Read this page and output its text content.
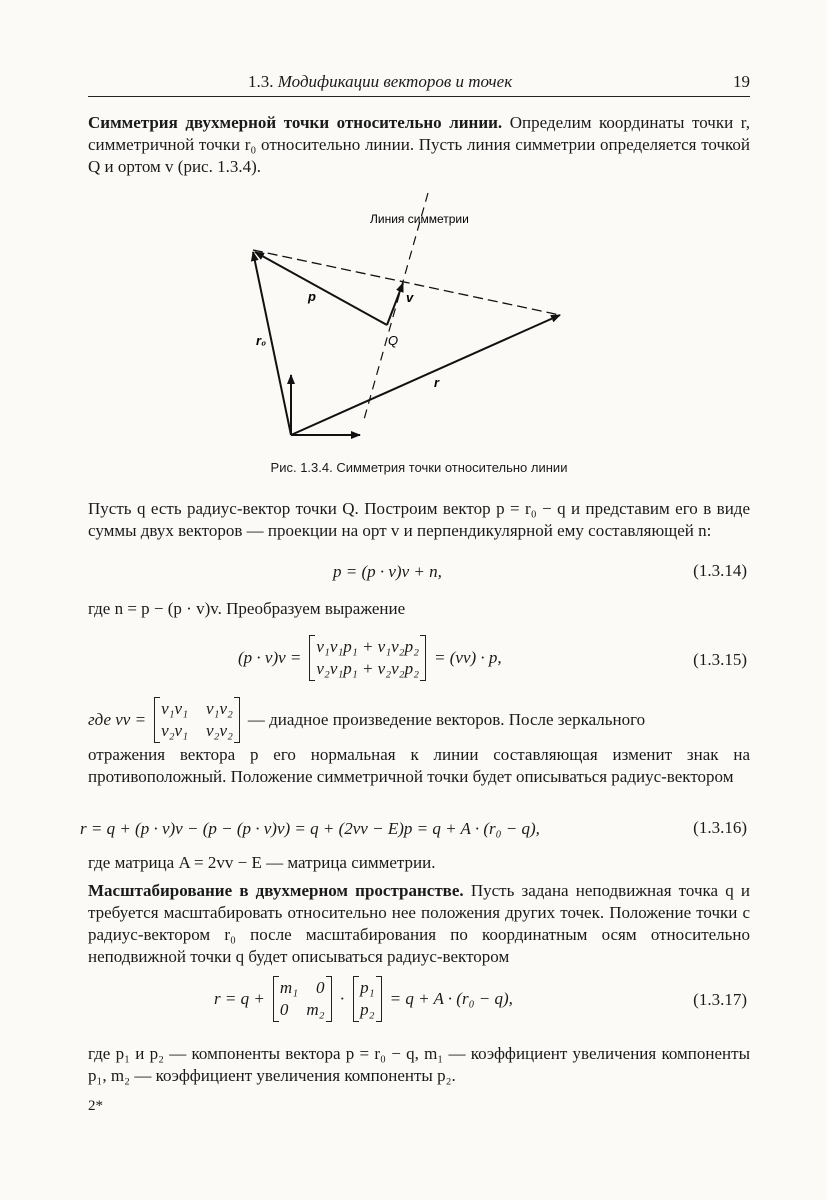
1.3. Модификации векторов и точек	19
Симметрия двухмерной точки относительно линии. Определим координаты точки r, симметричной точки r₀ относительно линии. Пусть линия симметрии определяется точкой Q и ортом v (рис. 1.3.4).
Линия симметрии
p	v
r₀	Q
r
Рис. 1.3.4. Симметрия точки относительно линии
Пусть q есть радиус-вектор точки Q. Построим вектор p = r₀ − q и представим его в виде суммы двух векторов — проекции на орт v и перпендикулярной ему составляющей n:
p = (p · v)v + n,	(1.3.14)
где n = p − (p · v)v. Преобразуем выражение
(p · v)v =
v₁v₁p₁ + v₁v₂p₂
v₂v₁p₁ + v₂v₂p₂
= (vv) · p,	(1.3.15)
где vv =
v₁v₁ v₁v₂
v₂v₁ v₂v₂
— диадное произведение векторов. После зеркального
отражения вектора p его нормальная к линии составляющая изменит знак на противоположный. Положение симметричной точки будет описываться радиус-вектором
r = q + (p · v)v − (p − (p · v)v) = q + (2vv − E)p = q + A · (r₀ − q),	(1.3.16)
где матрица A = 2vv − E — матрица симметрии.
Масштабирование в двухмерном пространстве. Пусть задана неподвижная точка q и требуется масштабировать относительно нее положения других точек. Положение точки с радиус-вектором r₀ после масштабирования по координатным осям относительно неподвижной точки q будет описываться радиус-вектором
r = q +
m₁ 0
0 m₂
·
p₁
p₂
= q + A · (r₀ − q),	(1.3.17)
где p₁ и p₂ — компоненты вектора p = r₀ − q, m₁ — коэффициент увеличения компоненты p₁, m₂ — коэффициент увеличения компоненты p₂.
2*
